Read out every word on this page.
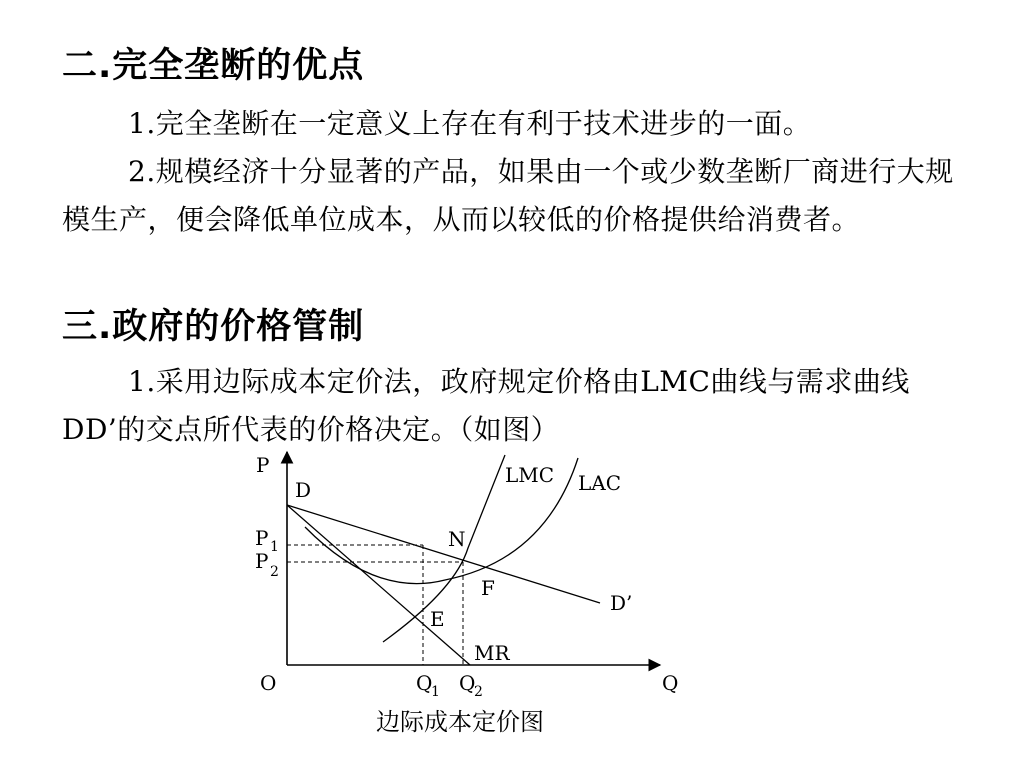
二.完全垄断的优点

1.完全垄断在一定意义上存在有利于技术进步的一面。

2.规模经济十分显著的产品，如果由一个或少数垄断厂商进行大规模生产，便会降低单位成本，从而以较低的价格提供给消费者。

三.政府的价格管制

1.采用边际成本定价法，政府规定价格由LMC曲线与需求曲线DD’的交点所代表的价格决定。（如图）

P
Q
O
D
D’
LMC LAC
MR
N
F
E
P 1
P 2
Q
1 Q
2
边际成本定价图
